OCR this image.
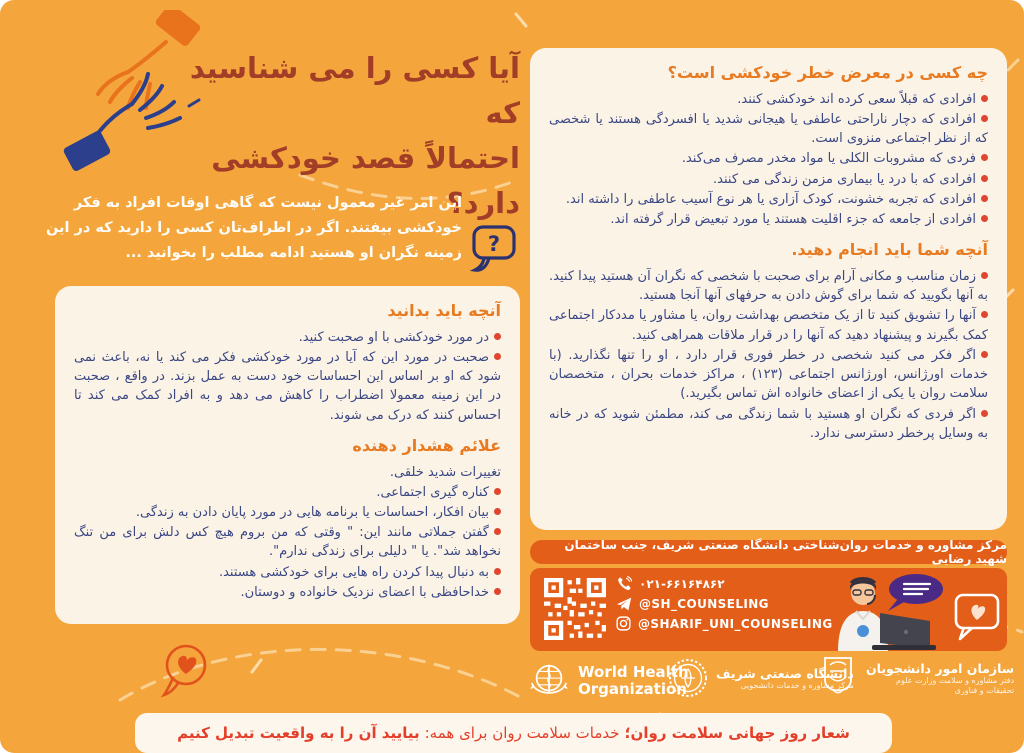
آیا کسی را می شناسید که
احتمالاً قصد خودکشی دارد؟
این امر غیر معمول نیست که گاهی اوقات افراد به فکر خودکشی بیفتند. اگر در اطراف‌تان کسی را دارید که در این زمینه نگران او هستید ادامه مطلب را بخوانید ... ?
آنچه باید بدانید
در مورد خودکشی با او صحبت کنید.
صحبت در مورد این که آیا در مورد خودکشی فکر می کند یا نه، باعث نمی شود که او بر اساس این احساسات خود دست به عمل بزند. در واقع ، صحبت در این زمینه معمولا اضطراب را کاهش می دهد و به افراد کمک می کند تا احساس کنند که درک می شوند.
علائم هشدار دهنده
تغییرات شدید خلقی.
کناره گیری اجتماعی.
بیان افکار، احساسات یا برنامه هایی در مورد پایان دادن به زندگی.
گفتن جملاتی مانند این: " وقتی که من بروم هیچ کس دلش برای من تنگ نخواهد شد". یا " دلیلی برای زندگی ندارم".
به دنبال پیدا کردن راه هایی برای خودکشی هستند.
خداحافظی با اعضای نزدیک خانواده و دوستان.
چه کسی در معرض خطر خودکشی است؟
افرادی که قبلاً سعی کرده اند خودکشی کنند.
افرادی که دچار ناراحتی عاطفی یا هیجانی شدید یا افسردگی هستند یا شخصی که از نظر اجتماعی منزوی است.
فردی که مشروبات الکلی یا مواد مخدر مصرف می‌کند.
افرادی که با درد یا بیماری مزمن زندگی می کنند.
افرادی که تجربه خشونت، کودک آزاری یا هر نوع آسیب عاطفی را داشته اند.
افرادی از جامعه که جزء اقلیت هستند یا مورد تبعیض قرار گرفته اند.
آنچه شما باید انجام دهید.
زمان مناسب و مکانی آرام برای صحبت با شخصی که نگران آن هستید پیدا کنید. به آنها بگویید که شما برای گوش دادن به حرفهای آنها آنجا هستید.
آنها را تشویق کنید تا از یک متخصص بهداشت روان، یا مشاور یا مددکار اجتماعی کمک بگیرند و پیشنهاد دهید که آنها را در قرار ملاقات همراهی کنید.
اگر فکر می کنید شخصی در خطر فوری قرار دارد ، او را تنها نگذارید. (با خدمات اورژانس، اورژانس اجتماعی (۱۲۳) ، مراکز خدمات بحران ، متخصصان سلامت روان یا یکی از اعضای خانواده اش تماس بگیرید.)
اگر فردی که نگران او هستید با شما زندگی می کند، مطمئن شوید که در خانه به وسایل پرخطر دسترسی ندارد.
مرکز مشاوره و خدمات روان‌شناختی دانشگاه صنعتی شریف، جنب ساختمان شهید رضایی
۰۲۱-۶۶۱۶۴۸۶۲
@SH_COUNSELING
@SHARIF_UNI_COUNSELING
World Health
Organization
دانشگاه صنعتی شریف
مرکز مشاوره و خدمات دانشجویی
سازمان امور دانشجویان
دفتر مشاوره و سلامت وزارت علوم
تحقیقات و فناوری
شعار روز جهانی سلامت روان؛
خدمات سلامت روان برای همه:
بیایید آن را به واقعیت تبدیل کنیم
